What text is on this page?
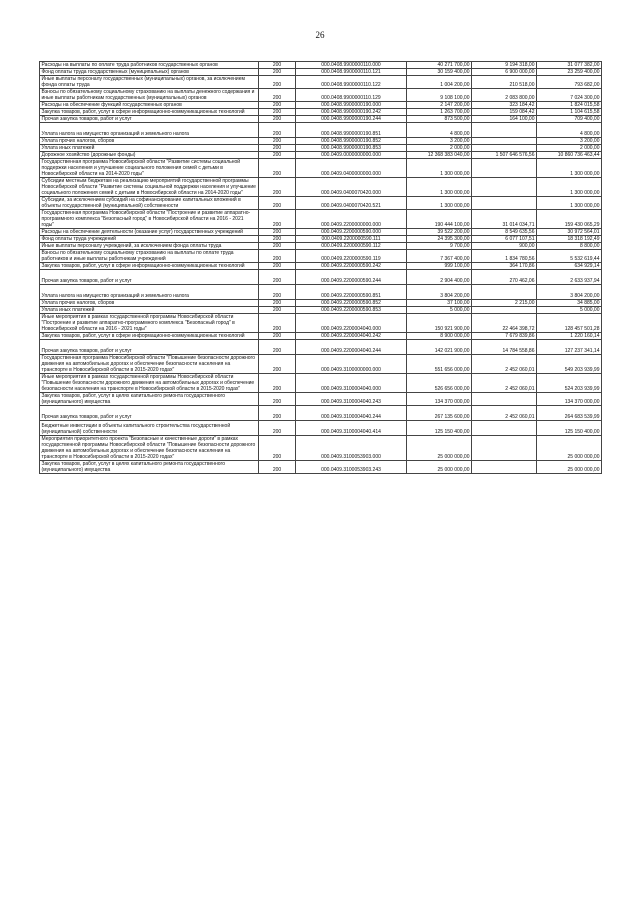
26
Расходы на выплаты по оплате труда работников государственных органов	200	000.0408.9900000110.000	40 271 700,00	9 194 318,00	31 077 382,00
Фонд оплаты труда государственных (муниципальных) органов	200	000.0408.9900000110.121	30 159 400,00	6 900 000,00	23 259 400,00
Иные выплаты персоналу государственных (муниципальных) органов, за исключением фонда оплаты труда	200	000.0408.9900000110.122	1 004 200,00	210 518,00	793 682,00
Взносы по обязательному социальному страхованию на выплаты денежного содержания и иные выплаты работникам государственных (муниципальных) органов	200	000.0408.9900000110.129	9 108 100,00	2 083 800,00	7 024 300,00
Расходы на обеспечение функций государственных органов	200	000.0408.9900000190.000	2 147 200,00	323 184,42	1 824 015,58
Закупка товаров, работ, услуг в сфере информационно-коммуникационных технологий	200	000.0408.9900000190.242	1 263 700,00	159 084,42	1 104 615,58
Прочая закупка товаров, работ и услуг	200	000.0408.9900000190.244	873 500,00	164 100,00	709 400,00
Уплата налога на имущество организаций и земельного налога	200	000.0408.9900000190.851	4 800,00		4 800,00
Уплата прочих налогов, сборов	200	000.0408.9900000190.852	3 200,00		3 200,00
Уплата иных платежей	200	000.0408.9900000190.853	2 000,00		2 000,00
Дорожное хозяйство (дорожные фонды)	200	000.0409.0000000000.000	12 368 383 040,00	1 507 646 576,56	10 860 736 463,44
Государственная программа Новосибирской области "Развитие системы социальной поддержки населения и улучшение социального положения семей с детьми в Новосибирской области на 2014-2020 годы"	200	000.0409.0400000000.000	1 300 000,00		1 300 000,00
Субсидии местным бюджетам на реализацию мероприятий государственной программы Новосибирской области "Развитие системы социальной поддержки населения и улучшение социального положения семей с детьми в Новосибирской области на 2014-2020 годы"	200	000.0409.0400070420.000	1 300 000,00		1 300 000,00
Субсидии, за исключением субсидий на софинансирование капитальных вложений в объекты государственной (муниципальной) собственности	200	000.0409.0400070420.521	1 300 000,00		1 300 000,00
Государственная программа Новосибирской области "Построение и развитие аппаратно-программного комплекса "Безопасный город" в Новосибирской области на 2016 - 2021 годы"	200	000.0409.2200000000.000	190 444 100,00	31 014 034,71	159 430 065,29
Расходы на обеспечение деятельности (оказание услуг) государственных учреждений	200	000.0409.2200000590.000	39 522 200,00	8 549 635,56	30 972 564,01
Фонд оплаты труда учреждений	200	000.0409.2200000590.111	24 395 300,00	6 077 107,51	18 318 192,49
Иные выплаты персоналу учреждений, за исключением фонда оплаты труда	200	000.0409.2200000590.112	9 700,00	900,00	8 800,00
Взносы по обязательному социальному страхованию на выплаты по оплате труда работников и иные выплаты работникам учреждений	200	000.0409.2200000590.119	7 367 400,00	1 834 780,56	5 532 619,44
Закупка товаров, работ, услуг в сфере информационно-коммуникационных технологий	200	000.0409.2200000590.242	999 100,00	364 170,86	634 929,14
Прочая закупка товаров, работ и услуг	200	000.0409.2200000590.244	2 904 400,00	270 462,06	2 633 937,94
Уплата налога на имущество организаций и земельного налога	200	000.0409.2200000590.851	3 804 200,00		3 804 200,00
Уплата прочих налогов, сборов	200	000.0409.2200000590.852	37 100,00	2 215,00	34 885,00
Уплата иных платежей	200	000.0409.2200000590.853	5 000,00		5 000,00
Иные мероприятия в рамках государственной программы Новосибирской области "Построение и развитие аппаратно-программного комплекса "Безопасный город" в Новосибирской области на 2016 - 2021 годы"	200	000.0409.2200004040.000	150 921 900,00	22 464 398,72	128 457 501,28
Закупка товаров, работ, услуг в сфере информационно-коммуникационных технологий	200	000.0409.2200004040.242	8 900 000,00	7 679 839,86	1 220 160,14
Прочая закупка товаров, работ и услуг	200	000.0409.2200004040.244	142 021 900,00	14 784 558,86	127 237 341,14
Государственная программа Новосибирской области "Повышение безопасности дорожного движения на автомобильных дорогах и обеспечение безопасности населения на транспорте в Новосибирской области в 2015-2020 годах"	200	000.0409.3100000000.000	551 656 000,00	2 452 060,01	549 203 939,99
Иные мероприятия в рамках государственной программы Новосибирской области "Повышение безопасности дорожного движения на автомобильных дорогах и обеспечение безопасности населения на транспорте в Новосибирской области в 2015-2020 годах"	200	000.0409.3100004040.000	526 656 000,00	2 452 060,01	524 203 939,99
Закупка товаров, работ, услуг в целях капитального ремонта государственного (муниципального) имущества	200	000.0409.3100004040.243	134 370 000,00		134 370 000,00
Прочая закупка товаров, работ и услуг	200	000.0409.3100004040.244	267 135 600,00	2 452 060,01	264 683 539,99
Бюджетные инвестиции в объекты капитального строительства государственной (муниципальной) собственности	200	000.0409.3100004040.414	125 150 400,00		125 150 400,00
Мероприятия приоритетного проекта "Безопасные и качественные дороги" в рамках государственной программы Новосибирской области "Повышение безопасности дорожного движения на автомобильных дорогах и обеспечение безопасности населения на транспорте в Новосибирской области в 2015-2020 годах"	200	000.0409.3100053903.000	25 000 000,00		25 000 000,00
Закупка товаров, работ, услуг в целях капитального ремонта государственного (муниципального) имущества	200	000.0409.3100053903.243	25 000 000,00		25 000 000,00
